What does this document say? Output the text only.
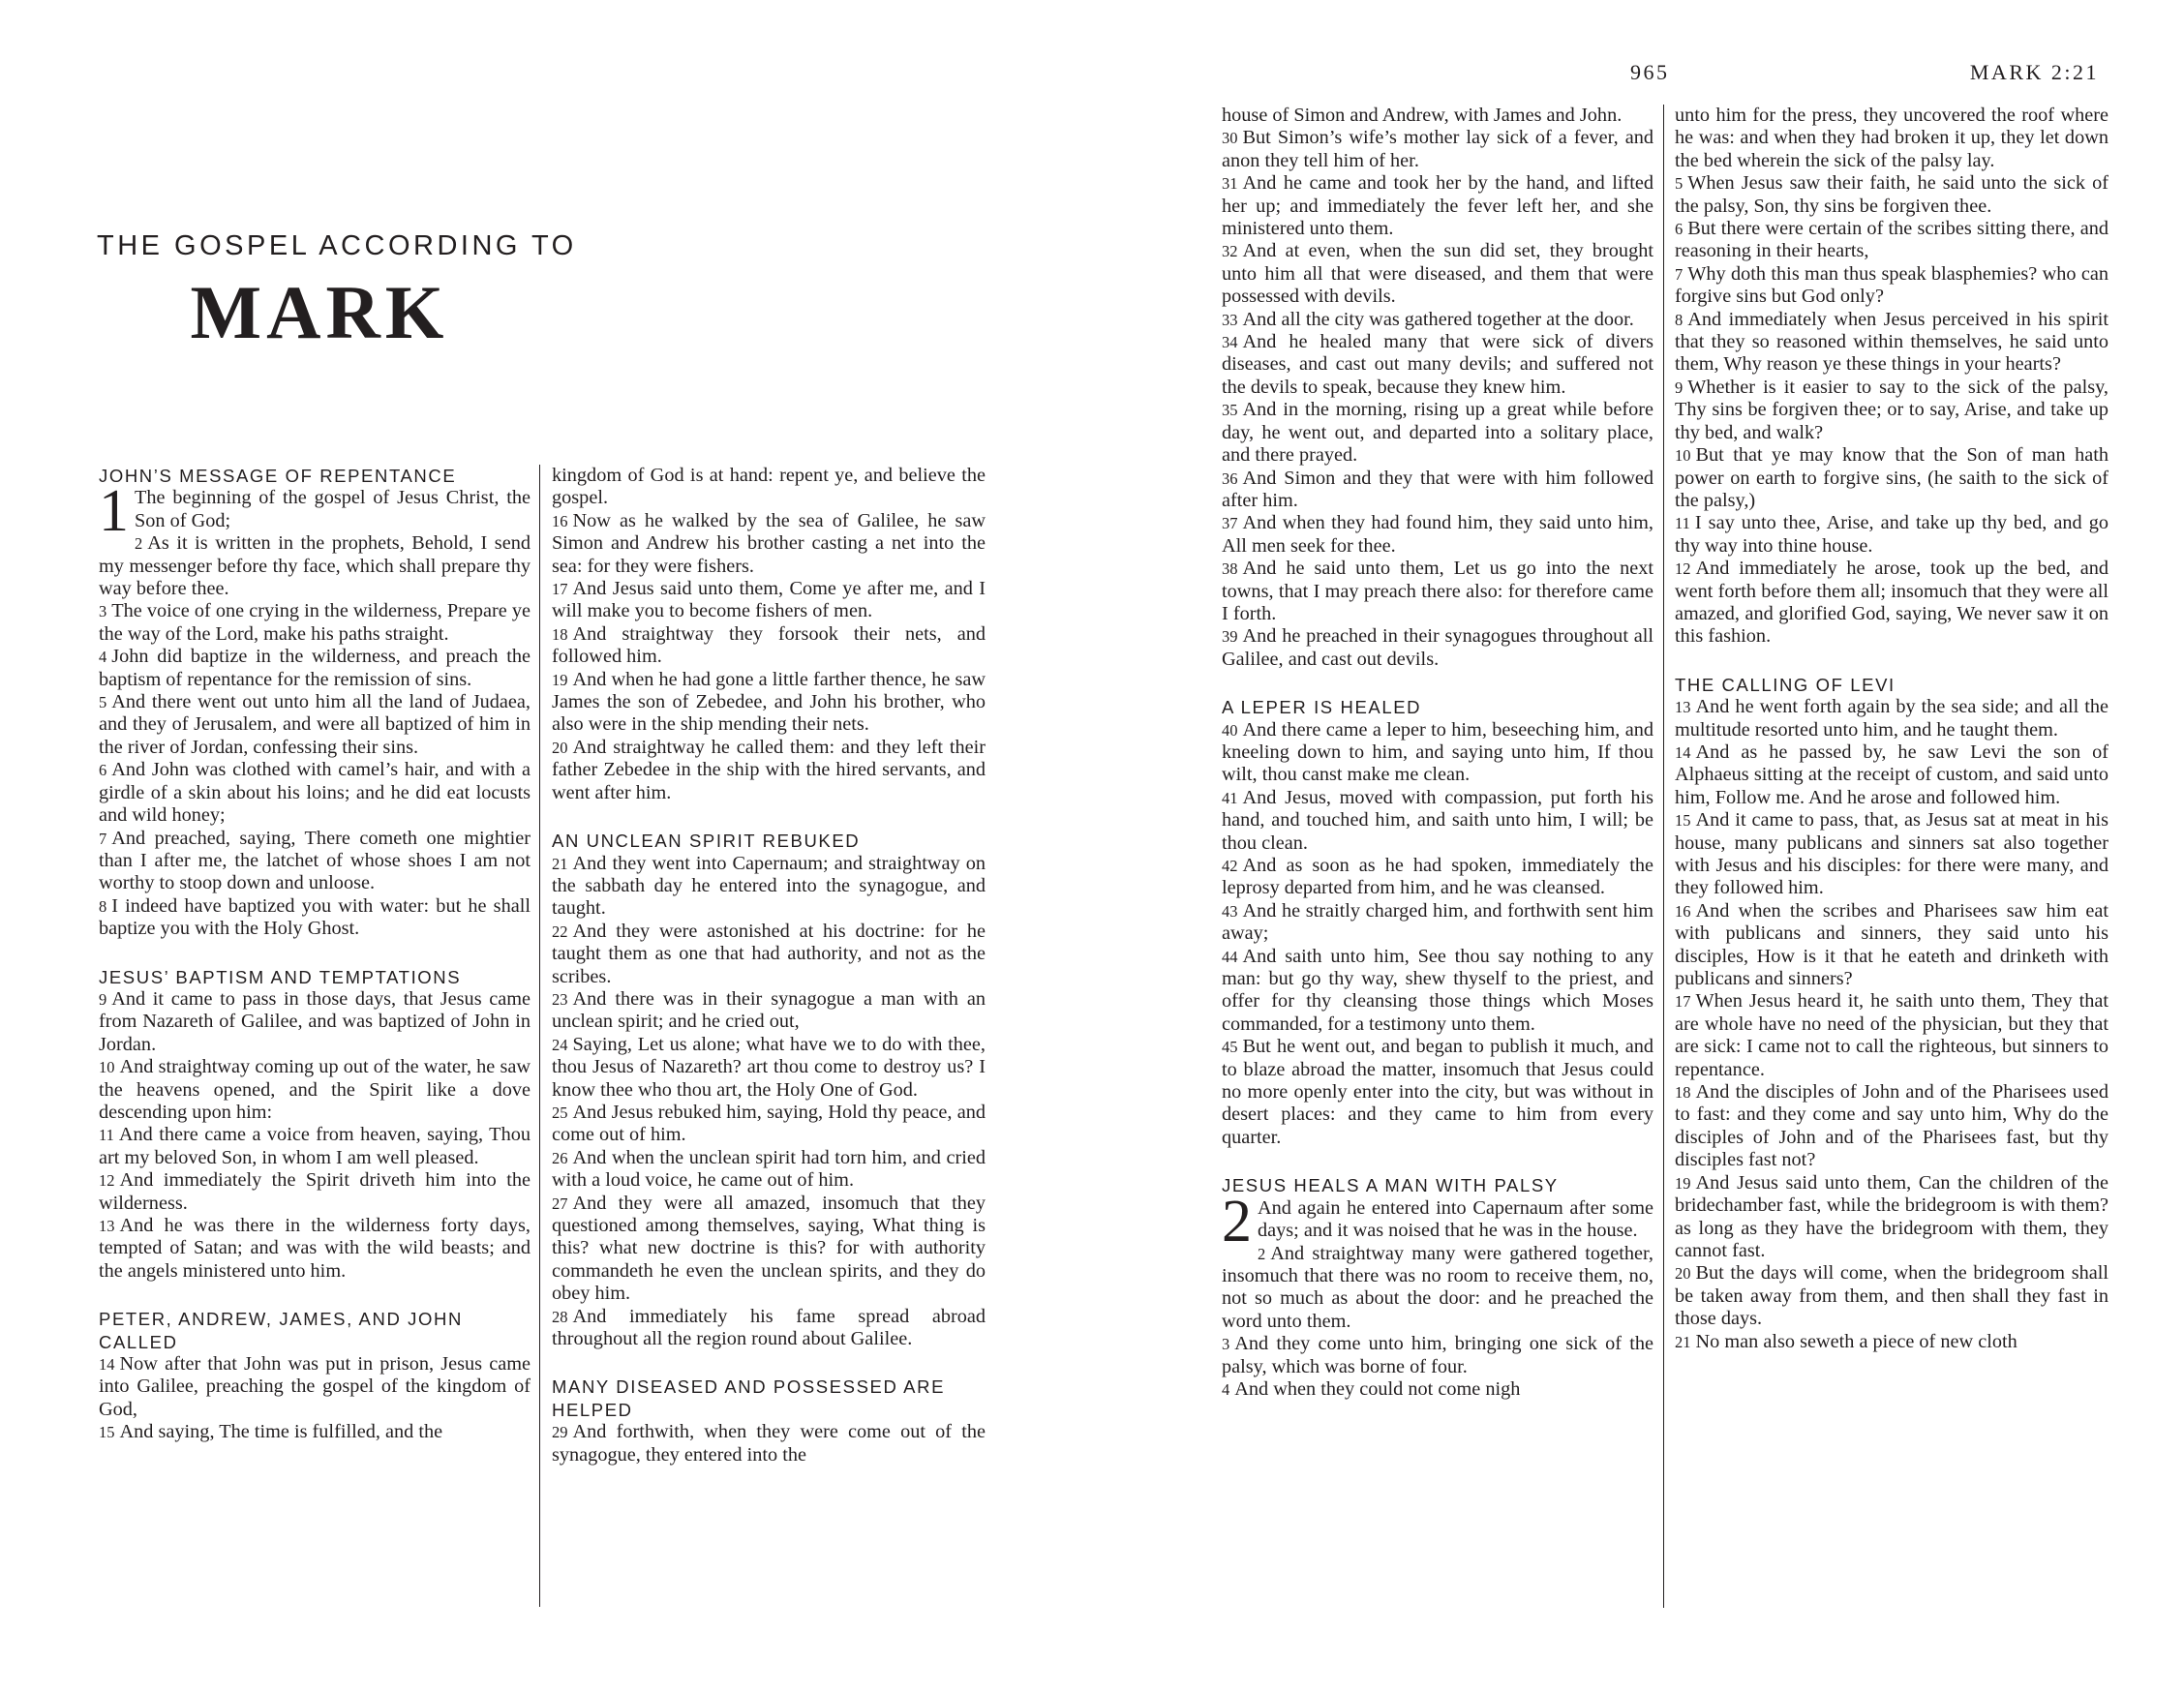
THE GOSPEL ACCORDING TO
MARK
JOHN’S MESSAGE OF REPENTANCE
1 The beginning of the gospel of Jesus Christ, the Son of God;
2 As it is written in the prophets, Behold, I send my messenger before thy face, which shall prepare thy way before thee.
3 The voice of one crying in the wilderness, Prepare ye the way of the Lord, make his paths straight.
4 John did baptize in the wilderness, and preach the baptism of repentance for the remission of sins.
5 And there went out unto him all the land of Judaea, and they of Jerusalem, and were all baptized of him in the river of Jordan, confessing their sins.
6 And John was clothed with camel’s hair, and with a girdle of a skin about his loins; and he did eat locusts and wild honey;
7 And preached, saying, There cometh one mightier than I after me, the latchet of whose shoes I am not worthy to stoop down and unloose.
8 I indeed have baptized you with water: but he shall baptize you with the Holy Ghost.
JESUS’ BAPTISM AND TEMPTATIONS
9 And it came to pass in those days, that Jesus came from Nazareth of Galilee, and was baptized of John in Jordan.
10 And straightway coming up out of the water, he saw the heavens opened, and the Spirit like a dove descending upon him:
11 And there came a voice from heaven, saying, Thou art my beloved Son, in whom I am well pleased.
12 And immediately the Spirit driveth him into the wilderness.
13 And he was there in the wilderness forty days, tempted of Satan; and was with the wild beasts; and the angels ministered unto him.
PETER, ANDREW, JAMES, AND JOHN CALLED
14 Now after that John was put in prison, Jesus came into Galilee, preaching the gospel of the kingdom of God,
15 And saying, The time is fulfilled, and the
kingdom of God is at hand: repent ye, and believe the gospel.
16 Now as he walked by the sea of Galilee, he saw Simon and Andrew his brother casting a net into the sea: for they were fishers.
17 And Jesus said unto them, Come ye after me, and I will make you to become fishers of men.
18 And straightway they forsook their nets, and followed him.
19 And when he had gone a little farther thence, he saw James the son of Zebedee, and John his brother, who also were in the ship mending their nets.
20 And straightway he called them: and they left their father Zebedee in the ship with the hired servants, and went after him.
AN UNCLEAN SPIRIT REBUKED
21 And they went into Capernaum; and straightway on the sabbath day he entered into the synagogue, and taught.
22 And they were astonished at his doctrine: for he taught them as one that had authority, and not as the scribes.
23 And there was in their synagogue a man with an unclean spirit; and he cried out,
24 Saying, Let us alone; what have we to do with thee, thou Jesus of Nazareth? art thou come to destroy us? I know thee who thou art, the Holy One of God.
25 And Jesus rebuked him, saying, Hold thy peace, and come out of him.
26 And when the unclean spirit had torn him, and cried with a loud voice, he came out of him.
27 And they were all amazed, insomuch that they questioned among themselves, saying, What thing is this? what new doctrine is this? for with authority commandeth he even the unclean spirits, and they do obey him.
28 And immediately his fame spread abroad throughout all the region round about Galilee.
MANY DISEASED AND POSSESSED ARE HELPED
29 And forthwith, when they were come out of the synagogue, they entered into the
965	MARK 2:21
house of Simon and Andrew, with James and John.
30 But Simon’s wife’s mother lay sick of a fever, and anon they tell him of her.
31 And he came and took her by the hand, and lifted her up; and immediately the fever left her, and she ministered unto them.
32 And at even, when the sun did set, they brought unto him all that were diseased, and them that were possessed with devils.
33 And all the city was gathered together at the door.
34 And he healed many that were sick of divers diseases, and cast out many devils; and suffered not the devils to speak, because they knew him.
35 And in the morning, rising up a great while before day, he went out, and departed into a solitary place, and there prayed.
36 And Simon and they that were with him followed after him.
37 And when they had found him, they said unto him, All men seek for thee.
38 And he said unto them, Let us go into the next towns, that I may preach there also: for therefore came I forth.
39 And he preached in their synagogues throughout all Galilee, and cast out devils.
A LEPER IS HEALED
40 And there came a leper to him, beseeching him, and kneeling down to him, and saying unto him, If thou wilt, thou canst make me clean.
41 And Jesus, moved with compassion, put forth his hand, and touched him, and saith unto him, I will; be thou clean.
42 And as soon as he had spoken, immediately the leprosy departed from him, and he was cleansed.
43 And he straitly charged him, and forthwith sent him away;
44 And saith unto him, See thou say nothing to any man: but go thy way, shew thyself to the priest, and offer for thy cleansing those things which Moses commanded, for a testimony unto them.
45 But he went out, and began to publish it much, and to blaze abroad the matter, insomuch that Jesus could no more openly enter into the city, but was without in desert places: and they came to him from every quarter.
JESUS HEALS A MAN WITH PALSY
2 And again he entered into Capernaum after some days; and it was noised that he was in the house.
2 And straightway many were gathered together, insomuch that there was no room to receive them, no, not so much as about the door: and he preached the word unto them.
3 And they come unto him, bringing one sick of the palsy, which was borne of four.
4 And when they could not come nigh
unto him for the press, they uncovered the roof where he was: and when they had broken it up, they let down the bed wherein the sick of the palsy lay.
5 When Jesus saw their faith, he said unto the sick of the palsy, Son, thy sins be forgiven thee.
6 But there were certain of the scribes sitting there, and reasoning in their hearts,
7 Why doth this man thus speak blasphemies? who can forgive sins but God only?
8 And immediately when Jesus perceived in his spirit that they so reasoned within themselves, he said unto them, Why reason ye these things in your hearts?
9 Whether is it easier to say to the sick of the palsy, Thy sins be forgiven thee; or to say, Arise, and take up thy bed, and walk?
10 But that ye may know that the Son of man hath power on earth to forgive sins, (he saith to the sick of the palsy,)
11 I say unto thee, Arise, and take up thy bed, and go thy way into thine house.
12 And immediately he arose, took up the bed, and went forth before them all; insomuch that they were all amazed, and glorified God, saying, We never saw it on this fashion.
THE CALLING OF LEVI
13 And he went forth again by the sea side; and all the multitude resorted unto him, and he taught them.
14 And as he passed by, he saw Levi the son of Alphaeus sitting at the receipt of custom, and said unto him, Follow me. And he arose and followed him.
15 And it came to pass, that, as Jesus sat at meat in his house, many publicans and sinners sat also together with Jesus and his disciples: for there were many, and they followed him.
16 And when the scribes and Pharisees saw him eat with publicans and sinners, they said unto his disciples, How is it that he eateth and drinketh with publicans and sinners?
17 When Jesus heard it, he saith unto them, They that are whole have no need of the physician, but they that are sick: I came not to call the righteous, but sinners to repentance.
18 And the disciples of John and of the Pharisees used to fast: and they come and say unto him, Why do the disciples of John and of the Pharisees fast, but thy disciples fast not?
19 And Jesus said unto them, Can the children of the bridechamber fast, while the bridegroom is with them? as long as they have the bridegroom with them, they cannot fast.
20 But the days will come, when the bridegroom shall be taken away from them, and then shall they fast in those days.
21 No man also seweth a piece of new cloth
